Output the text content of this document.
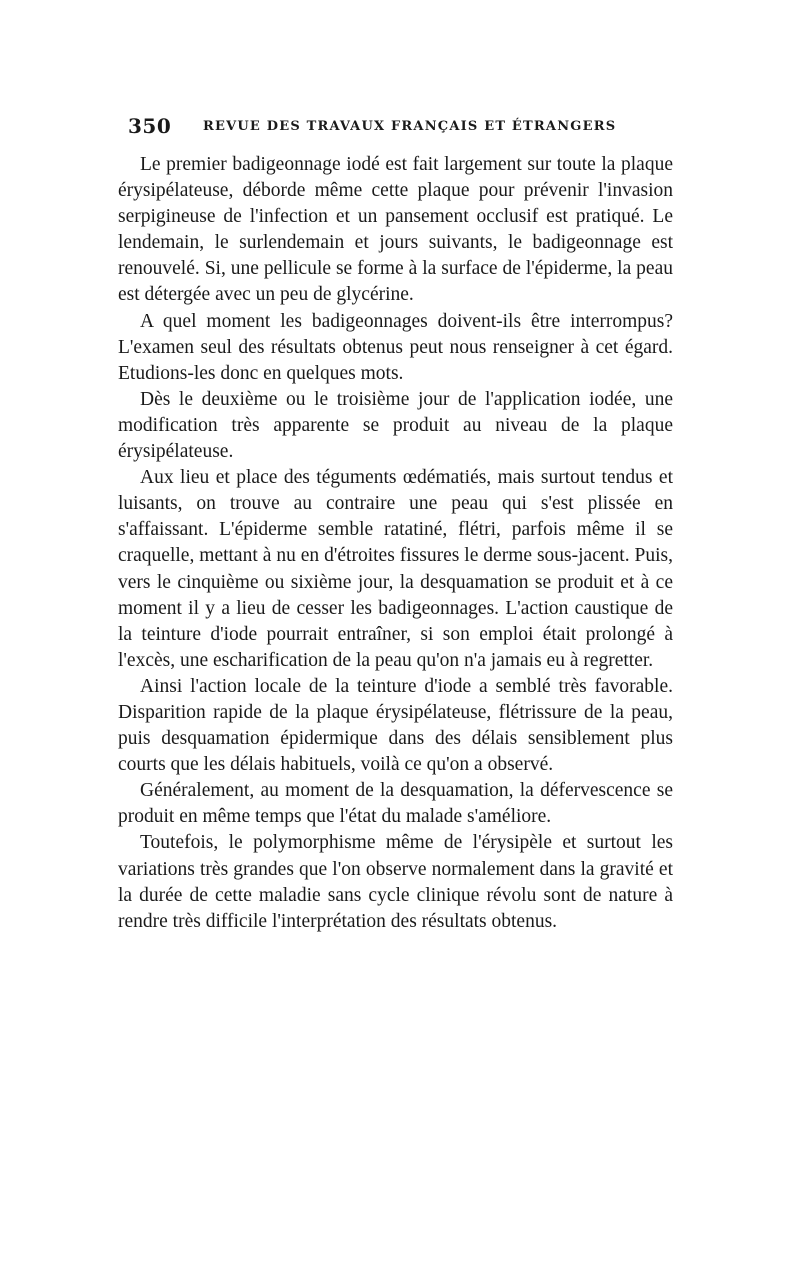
350 REVUE DES TRAVAUX FRANÇAIS ET ÉTRANGERS

Le premier badigeonnage iodé est fait largement sur toute la plaque érysipélateuse, déborde même cette plaque pour prévenir l'invasion serpigineuse de l'infection et un pansement occlusif est pratiqué. Le lendemain, le surlendemain et jours suivants, le badigeonnage est renouvelé. Si, une pellicule se forme à la surface de l'épiderme, la peau est détergée avec un peu de glycérine.

A quel moment les badigeonnages doivent-ils être interrompus? L'examen seul des résultats obtenus peut nous renseigner à cet égard. Etudions-les donc en quelques mots.

Dès le deuxième ou le troisième jour de l'application iodée, une modification très apparente se produit au niveau de la plaque érysipélateuse.

Aux lieu et place des téguments œdématiés, mais surtout tendus et luisants, on trouve au contraire une peau qui s'est plissée en s'affaissant. L'épiderme semble ratatiné, flétri, parfois même il se craquelle, mettant à nu en d'étroites fissures le derme sous-jacent. Puis, vers le cinquième ou sixième jour, la desquamation se produit et à ce moment il y a lieu de cesser les badigeonnages. L'action caustique de la teinture d'iode pourrait entraîner, si son emploi était prolongé à l'excès, une escharification de la peau qu'on n'a jamais eu à regretter.

Ainsi l'action locale de la teinture d'iode a semblé très favorable. Disparition rapide de la plaque érysipélateuse, flétrissure de la peau, puis desquamation épidermique dans des délais sensiblement plus courts que les délais habituels, voilà ce qu'on a observé.

Généralement, au moment de la desquamation, la défervescence se produit en même temps que l'état du malade s'améliore.

Toutefois, le polymorphisme même de l'érysipèle et surtout les variations très grandes que l'on observe normalement dans la gravité et la durée de cette maladie sans cycle clinique révolu sont de nature à rendre très difficile l'interprétation des résultats obtenus.
